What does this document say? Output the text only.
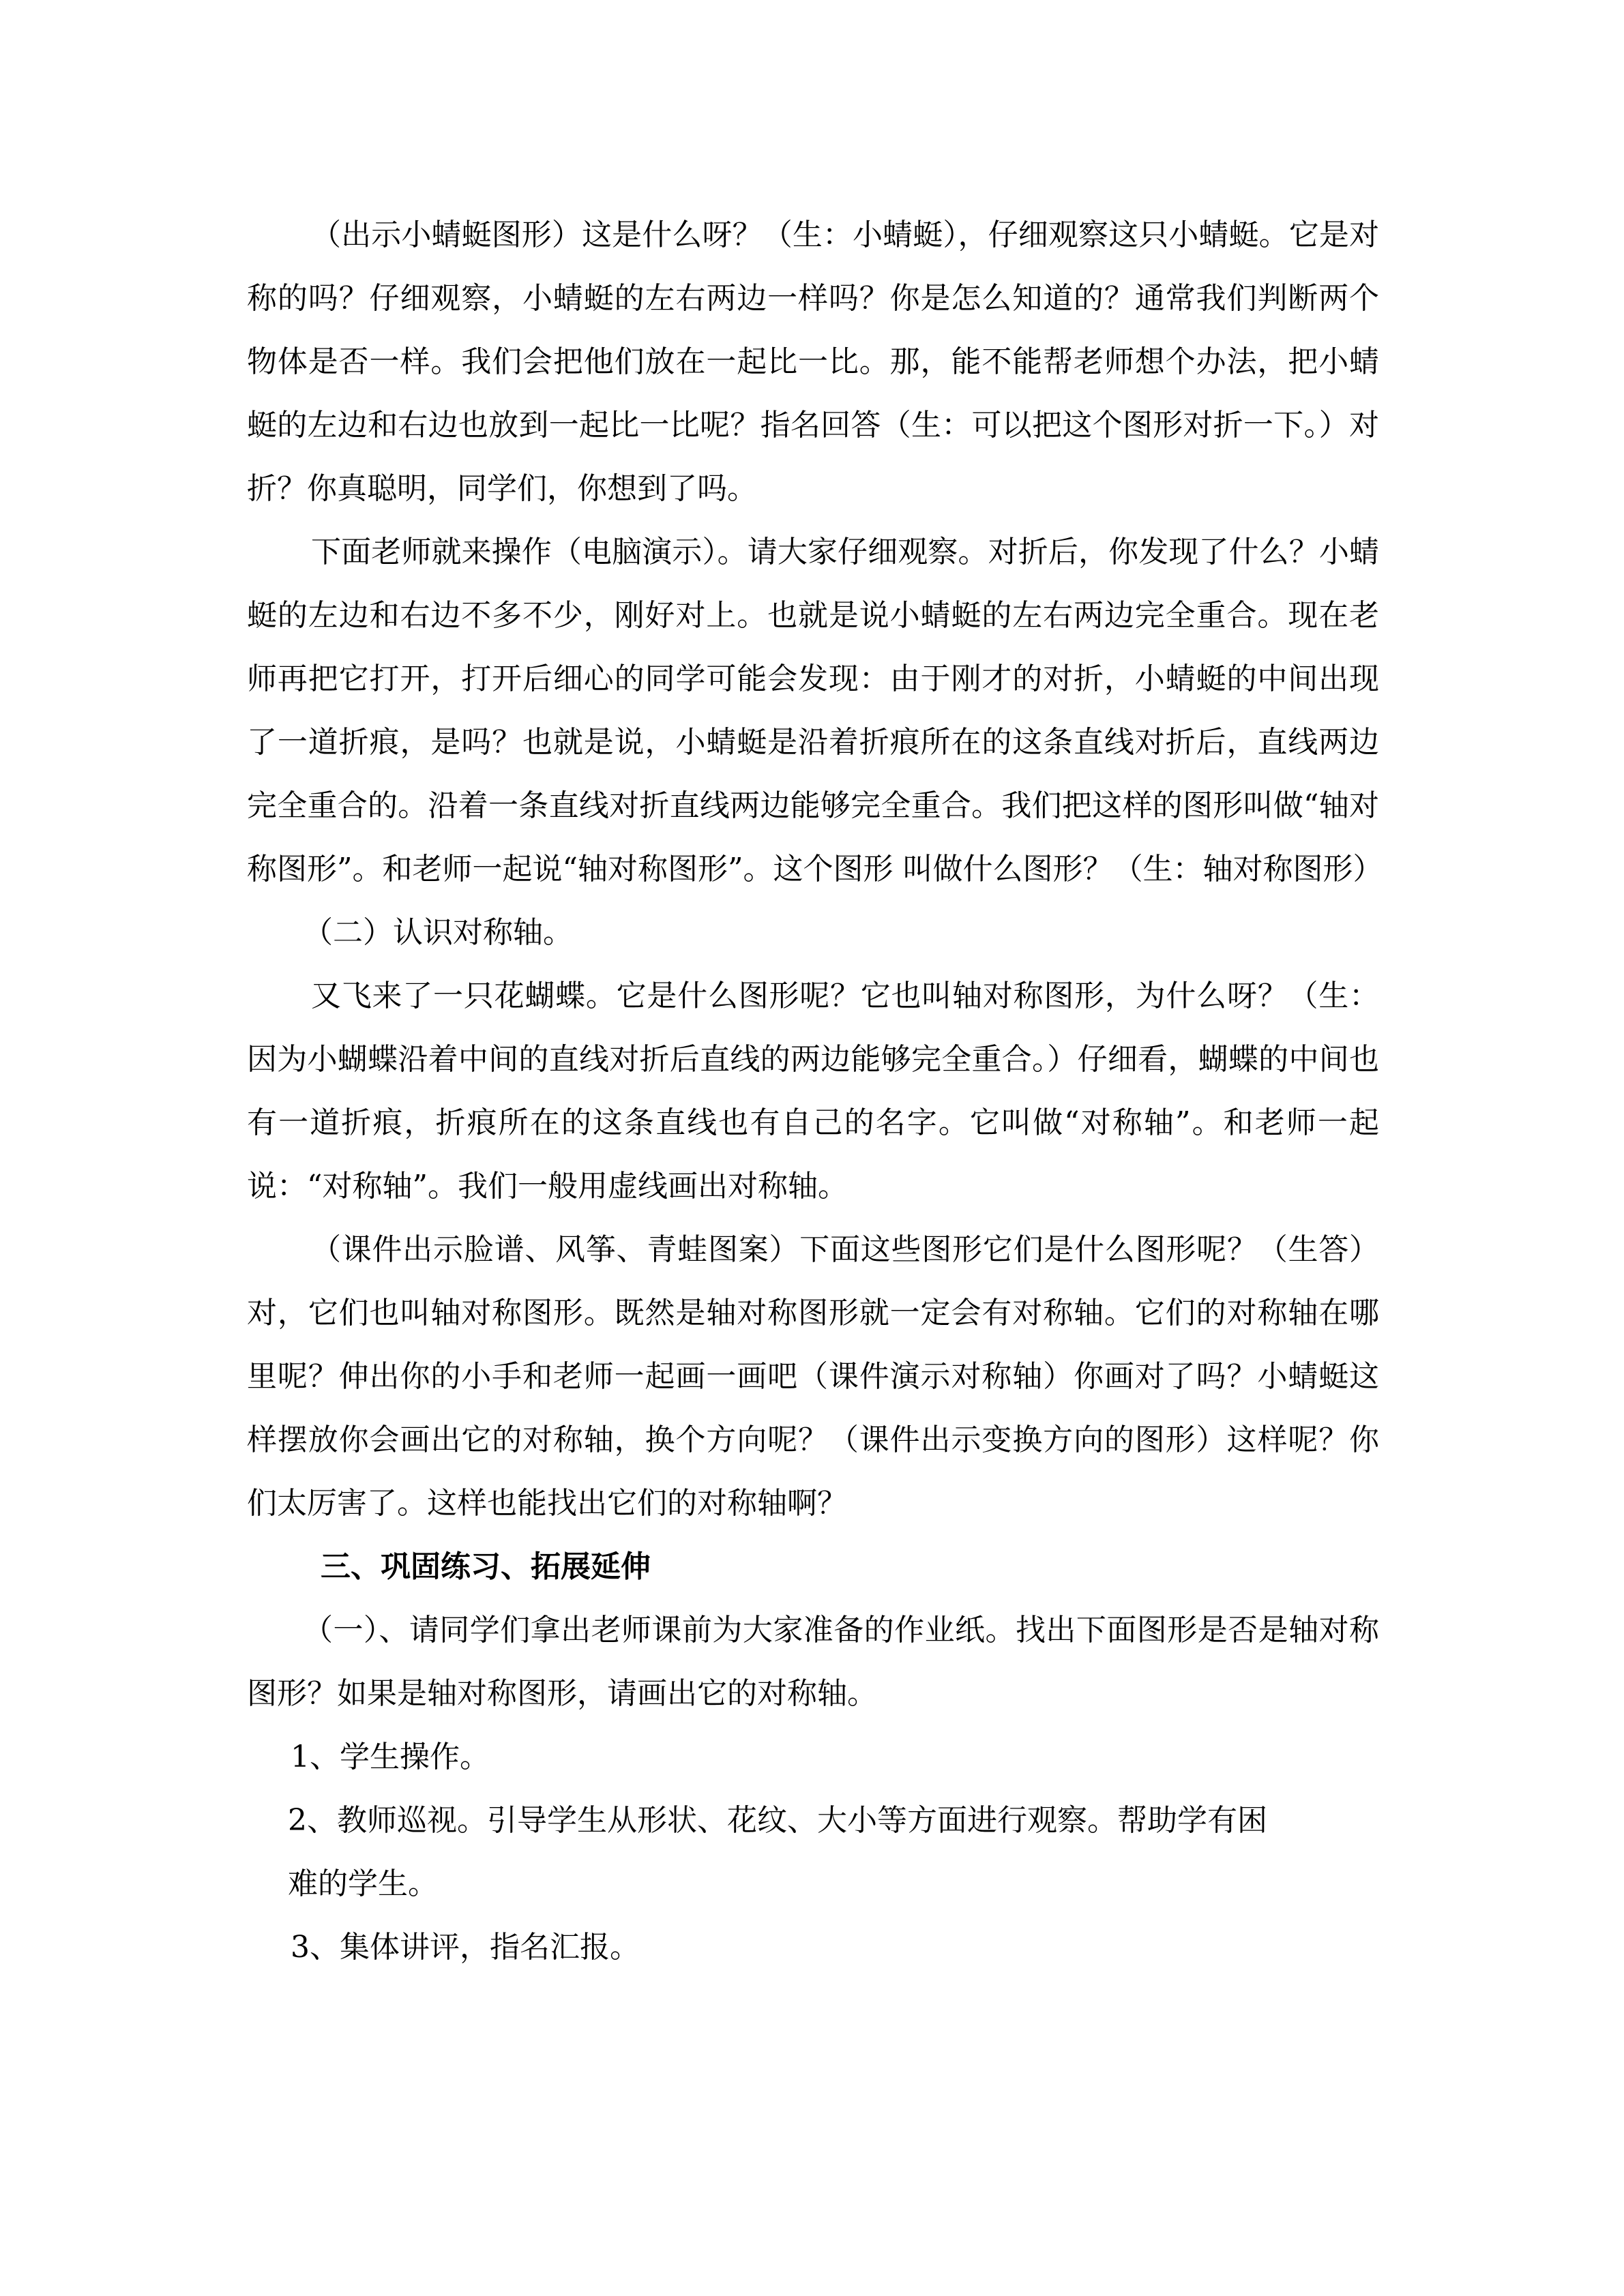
（出示小蜻蜓图形）这是什么呀？（生：小蜻蜓），仔细观察这只小蜻蜓。它是对称的吗？仔细观察，小蜻蜓的左右两边一样吗？你是怎么知道的？通常我们判断两个物体是否一样。我们会把他们放在一起比一比。那，能不能帮老师想个办法，把小蜻蜓的左边和右边也放到一起比一比呢？指名回答（生：可以把这个图形对折一下。）对折？你真聪明，同学们，你想到了吗。

下面老师就来操作（电脑演示）。请大家仔细观察。对折后，你发现了什么？小蜻蜓的左边和右边不多不少，刚好对上。也就是说小蜻蜓的左右两边完全重合。现在老师再把它打开，打开后细心的同学可能会发现：由于刚才的对折，小蜻蜓的中间出现了一道折痕，是吗？也就是说，小蜻蜓是沿着折痕所在的这条直线对折后，直线两边完全重合的。沿着一条直线对折直线两边能够完全重合。我们把这样的图形叫做“轴对称图形”。和老师一起说“轴对称图形”。这个图形 叫做什么图形？（生：轴对称图形）

（二）认识对称轴。

又飞来了一只花蝴蝶。它是什么图形呢？它也叫轴对称图形，为什么呀？（生：因为小蝴蝶沿着中间的直线对折后直线的两边能够完全重合。）仔细看，蝴蝶的中间也有一道折痕，折痕所在的这条直线也有自己的名字。它叫做“对称轴”。和老师一起说：“对称轴”。我们一般用虚线画出对称轴。

（课件出示脸谱、风筝、青蛙图案）下面这些图形它们是什么图形呢？（生答）对，它们也叫轴对称图形。既然是轴对称图形就一定会有对称轴。它们的对称轴在哪里呢？伸出你的小手和老师一起画一画吧（课件演示对称轴）你画对了吗？小蜻蜓这样摆放你会画出它的对称轴，换个方向呢？（课件出示变换方向的图形）这样呢？你们太厉害了。这样也能找出它们的对称轴啊？

三、巩固练习、拓展延伸

（一）、请同学们拿出老师课前为大家准备的作业纸。找出下面图形是否是轴对称图形？如果是轴对称图形，请画出它的对称轴。

1、学生操作。

2、教师巡视。引导学生从形状、花纹、大小等方面进行观察。帮助学有困
难的学生。

3、集体讲评，指名汇报。
